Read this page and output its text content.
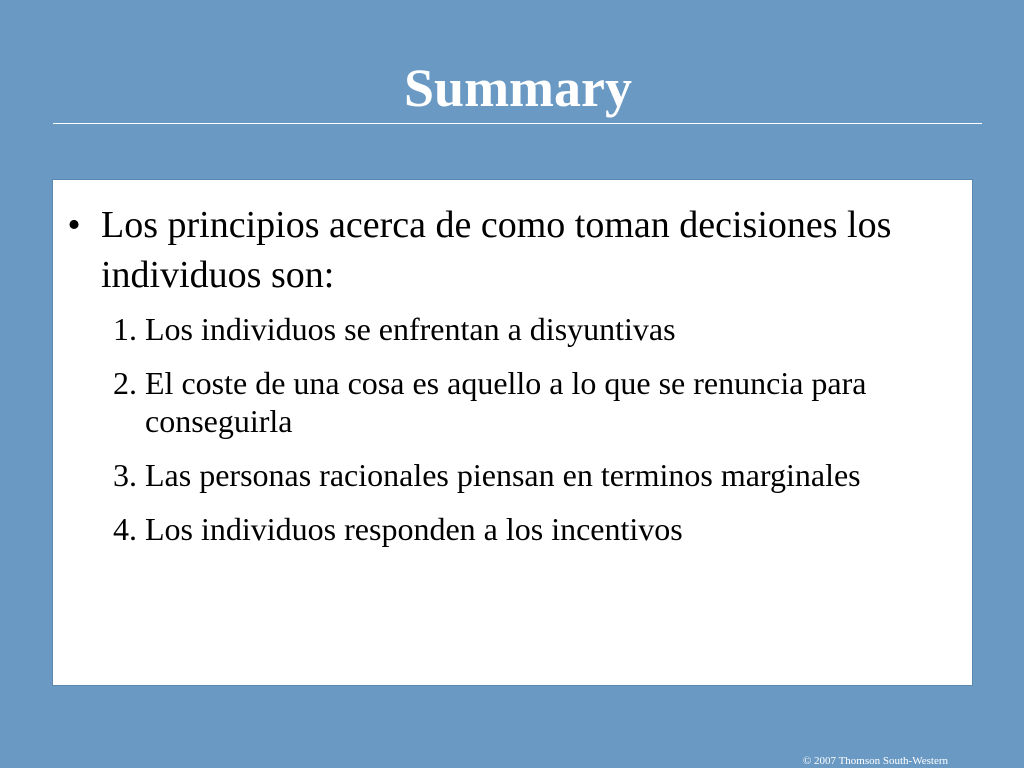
Summary
• Los principios acerca de como toman decisiones los individuos son:
1. Los individuos se enfrentan a disyuntivas
2. El coste de una cosa es aquello a lo que se renuncia para conseguirla
3. Las personas racionales piensan en terminos marginales
4. Los individuos responden a los incentivos
© 2007 Thomson South-Western
